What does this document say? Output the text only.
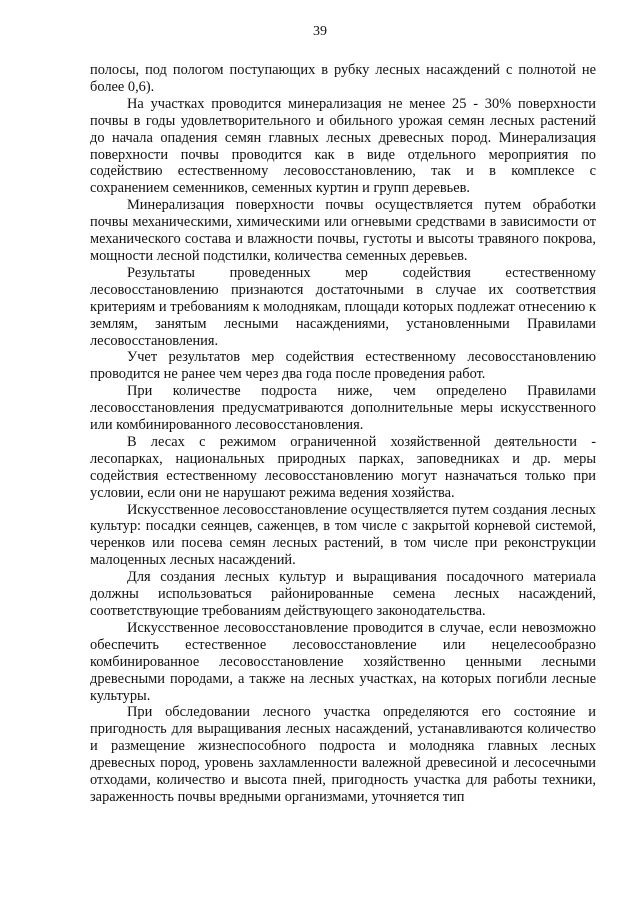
39

полосы, под пологом поступающих в рубку лесных насаждений с полнотой не более 0,6).

На участках проводится минерализация не менее 25 - 30% поверхности почвы в годы удовлетворительного и обильного урожая семян лесных растений до начала опадения семян главных лесных древесных пород. Минерализация поверхности почвы проводится как в виде отдельного мероприятия по содействию естественному лесовосстановлению, так и в комплексе с сохранением семенников, семенных куртин и групп деревьев.

Минерализация поверхности почвы осуществляется путем обработки почвы механическими, химическими или огневыми средствами в зависимости от механического состава и влажности почвы, густоты и высоты травяного покрова, мощности лесной подстилки, количества семенных деревьев.

Результаты проведенных мер содействия естественному лесовосстановлению признаются достаточными в случае их соответствия критериям и требованиям к молоднякам, площади которых подлежат отнесению к землям, занятым лесными насаждениями, установленными Правилами лесовосстановления.

Учет результатов мер содействия естественному лесовосстановлению проводится не ранее чем через два года после проведения работ.

При количестве подроста ниже, чем определено Правилами лесовосстановления предусматриваются дополнительные меры искусственного или комбинированного лесовосстановления.

В лесах с режимом ограниченной хозяйственной деятельности - лесопарках, национальных природных парках, заповедниках и др. меры содействия естественному лесовосстановлению могут назначаться только при условии, если они не нарушают режима ведения хозяйства.

Искусственное лесовосстановление осуществляется путем создания лесных культур: посадки сеянцев, саженцев, в том числе с закрытой корневой системой, черенков или посева семян лесных растений, в том числе при реконструкции малоценных лесных насаждений.

Для создания лесных культур и выращивания посадочного материала должны использоваться районированные семена лесных насаждений, соответствующие требованиям действующего законодательства.

Искусственное лесовосстановление проводится в случае, если невозможно обеспечить естественное лесовосстановление или нецелесообразно комбинированное лесовосстановление хозяйственно ценными лесными древесными породами, а также на лесных участках, на которых погибли лесные культуры.

При обследовании лесного участка определяются его состояние и пригодность для выращивания лесных насаждений, устанавливаются количество и размещение жизнеспособного подроста и молодняка главных лесных древесных пород, уровень захламленности валежной древесиной и лесосечными отходами, количество и высота пней, пригодность участка для работы техники, зараженность почвы вредными организмами, уточняется тип
